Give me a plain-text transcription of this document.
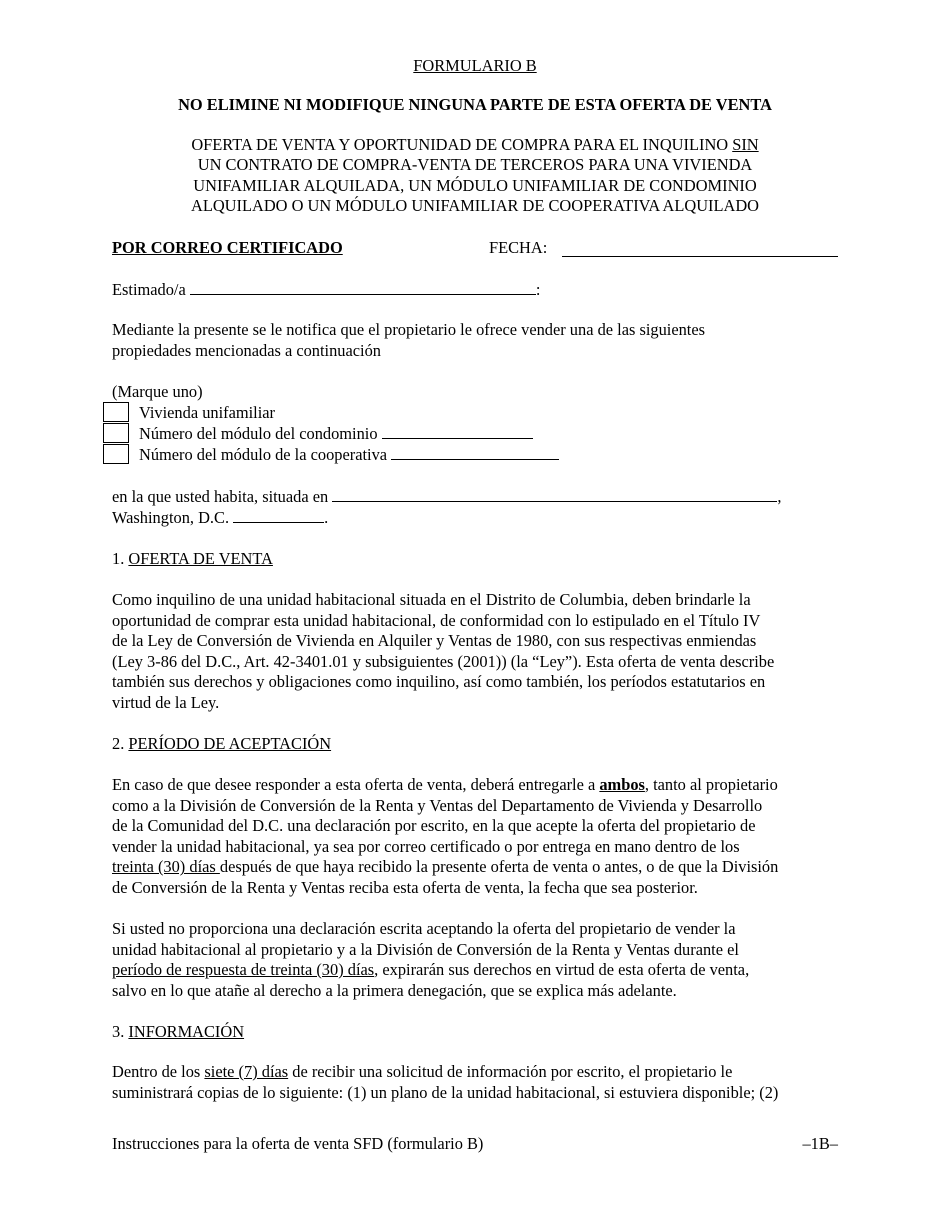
FORMULARIO B
NO ELIMINE NI MODIFIQUE NINGUNA PARTE DE ESTA OFERTA DE VENTA
OFERTA DE VENTA Y OPORTUNIDAD DE COMPRA PARA EL INQUILINO SIN
UN CONTRATO DE COMPRA-VENTA DE TERCEROS PARA UNA VIVIENDA
UNIFAMILIAR ALQUILADA, UN MÓDULO UNIFAMILIAR DE CONDOMINIO
ALQUILADO O UN MÓDULO UNIFAMILIAR DE COOPERATIVA ALQUILADO
POR CORREO CERTIFICADO	FECHA:
Estimado/a	:
Mediante la presente se le notifica que el propietario le ofrece vender una de las siguientes
propiedades mencionadas a continuación
(Marque uno)
Vivienda unifamiliar
Número del módulo del condominio
Número del módulo de la cooperativa
en la que usted habita, situada en	,
Washington, D.C.	.
1. OFERTA DE VENTA
Como inquilino de una unidad habitacional situada en el Distrito de Columbia, deben brindarle la
oportunidad de comprar esta unidad habitacional, de conformidad con lo estipulado en el Título IV
de la Ley de Conversión de Vivienda en Alquiler y Ventas de 1980, con sus respectivas enmiendas
(Ley 3-86 del D.C., Art. 42-3401.01 y subsiguientes (2001)) (la “Ley”). Esta oferta de venta describe
también sus derechos y obligaciones como inquilino, así como también, los períodos estatutarios en
virtud de la Ley.
2. PERÍODO DE ACEPTACIÓN
En caso de que desee responder a esta oferta de venta, deberá entregarle a ambos, tanto al propietario
como a la División de Conversión de la Renta y Ventas del Departamento de Vivienda y Desarrollo
de la Comunidad del D.C. una declaración por escrito, en la que acepte la oferta del propietario de
vender la unidad habitacional, ya sea por correo certificado o por entrega en mano dentro de los
treinta (30) días después de que haya recibido la presente oferta de venta o antes, o de que la División
de Conversión de la Renta y Ventas reciba esta oferta de venta, la fecha que sea posterior.
Si usted no proporciona una declaración escrita aceptando la oferta del propietario de vender la
unidad habitacional al propietario y a la División de Conversión de la Renta y Ventas durante el
período de respuesta de treinta (30) días, expirarán sus derechos en virtud de esta oferta de venta,
salvo en lo que atañe al derecho a la primera denegación, que se explica más adelante.
3. INFORMACIÓN
Dentro de los siete (7) días de recibir una solicitud de información por escrito, el propietario le
suministrará copias de lo siguiente: (1) un plano de la unidad habitacional, si estuviera disponible; (2)
Instrucciones para la oferta de venta SFD (formulario B)	–1B–
